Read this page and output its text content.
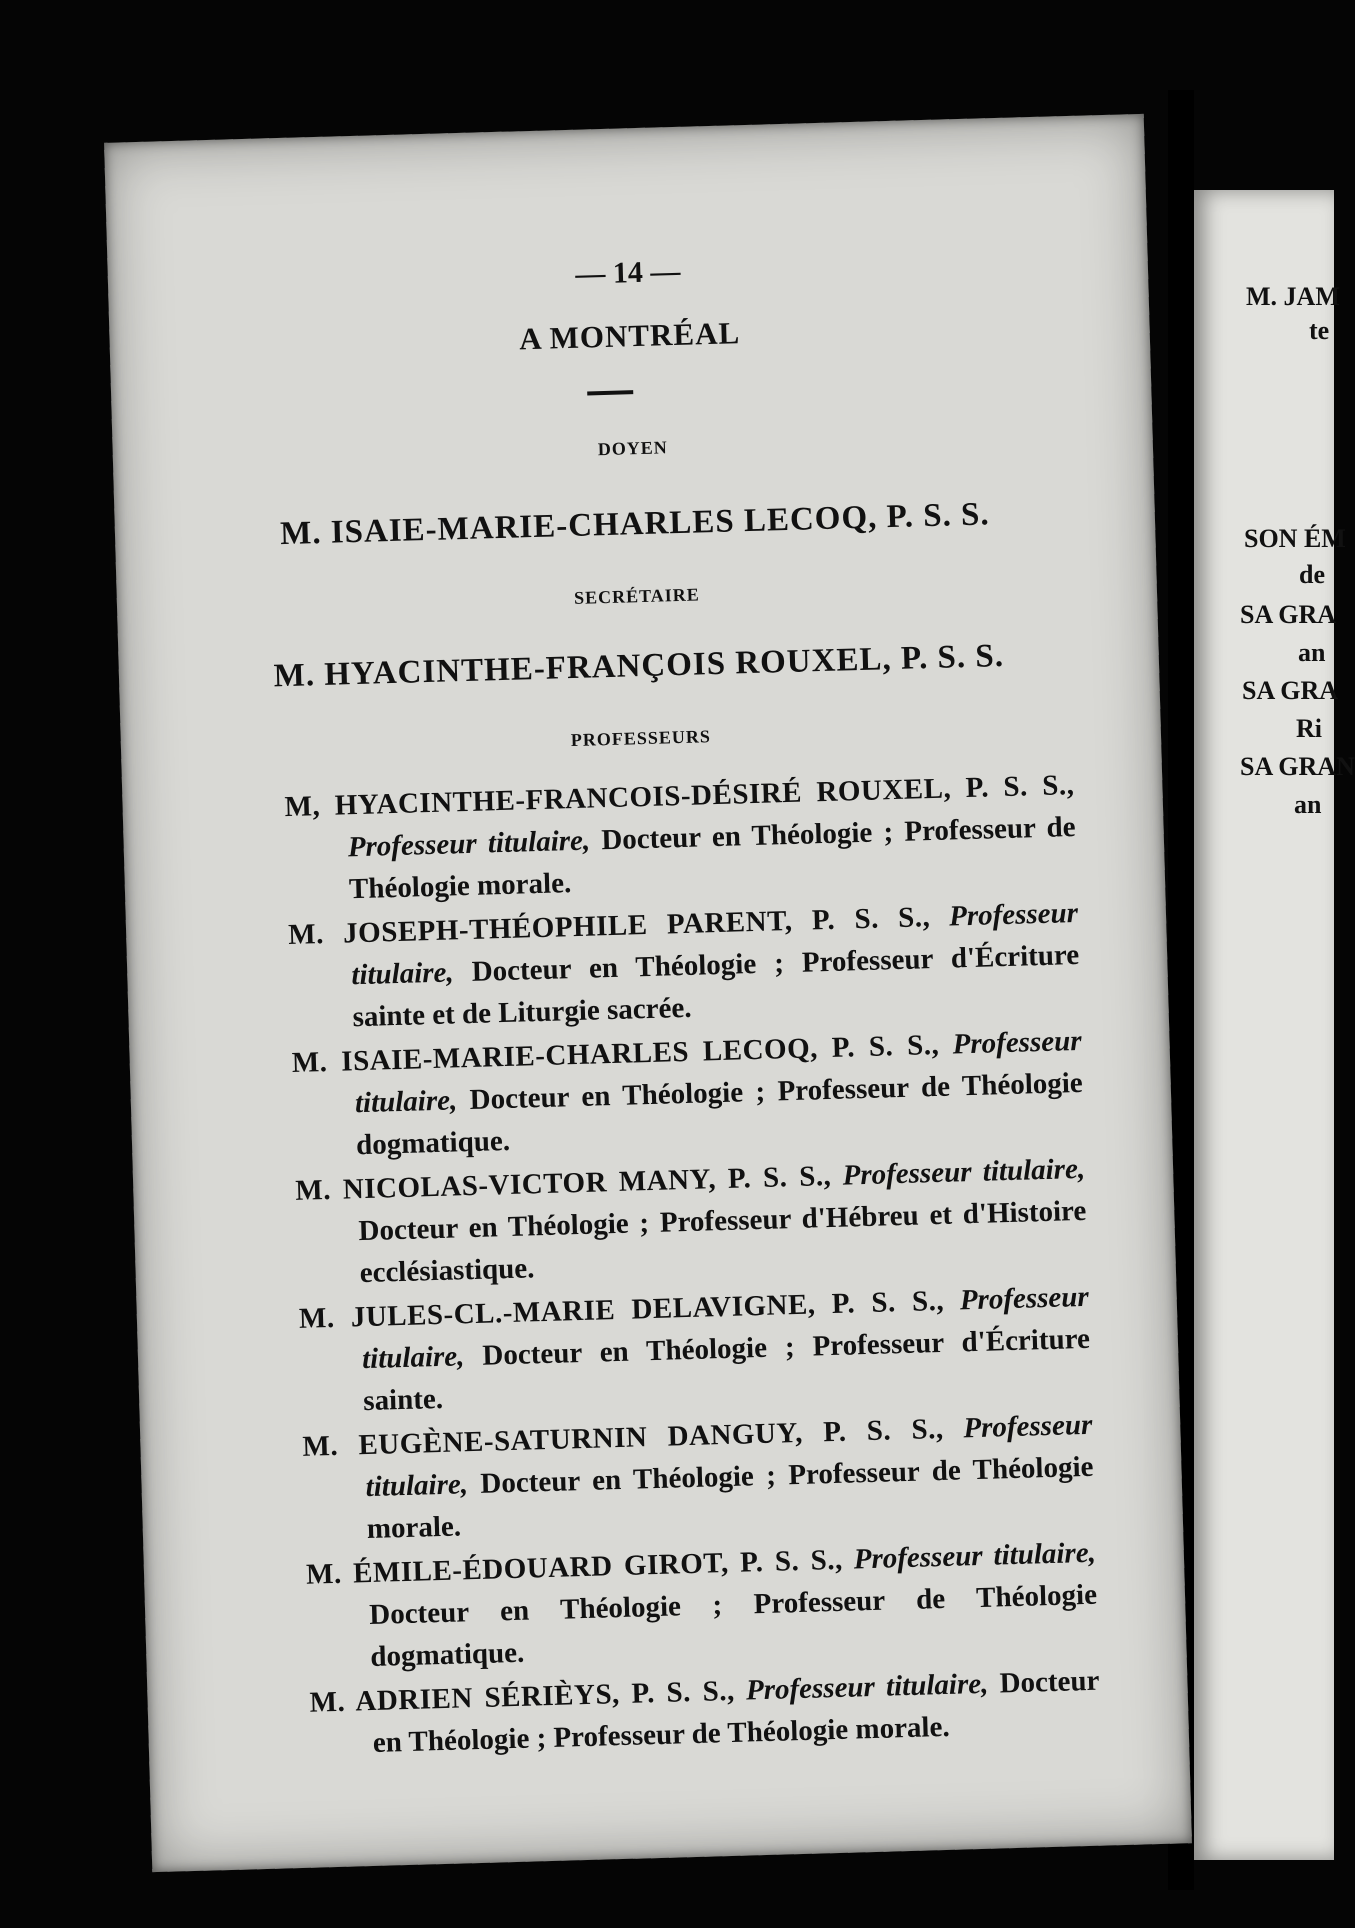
— 14 —
A MONTRÉAL
DOYEN
M. ISAIE-MARIE-CHARLES LECOQ, P. S. S.
SECRÉTAIRE
M. HYACINTHE-FRANÇOIS ROUXEL, P. S. S.
PROFESSEURS
M, HYACINTHE-FRANCOIS-DÉSIRÉ ROUXEL, P. S. S., Professeur titulaire, Docteur en Théologie ; Professeur de Théologie morale.
M. JOSEPH-THÉOPHILE PARENT, P. S. S., Professeur titulaire, Docteur en Théologie ; Professeur d'Écriture sainte et de Liturgie sacrée.
M. ISAIE-MARIE-CHARLES LECOQ, P. S. S., Professeur titulaire, Docteur en Théologie ; Professeur de Théologie dogmatique.
M. NICOLAS-VICTOR MANY, P. S. S., Professeur titulaire, Docteur en Théologie ; Professeur d'Hébreu et d'Histoire ecclésiastique.
M. JULES-CL.-MARIE DELAVIGNE, P. S. S., Professeur titulaire, Docteur en Théologie ; Professeur d'Écriture sainte.
M. EUGÈNE-SATURNIN DANGUY, P. S. S., Professeur titulaire, Docteur en Théologie ; Professeur de Théologie morale.
M. ÉMILE-ÉDOUARD GIROT, P. S. S., Professeur titulaire, Docteur en Théologie ; Professeur de Théologie dogmatique.
M. ADRIEN SÉRIÈYS, P. S. S., Professeur titulaire, Docteur en Théologie ; Professeur de Théologie morale.
M. JAM
te
SON ÉM
de
SA GRA
an
SA GRA
Ri
SA GRAN
an
